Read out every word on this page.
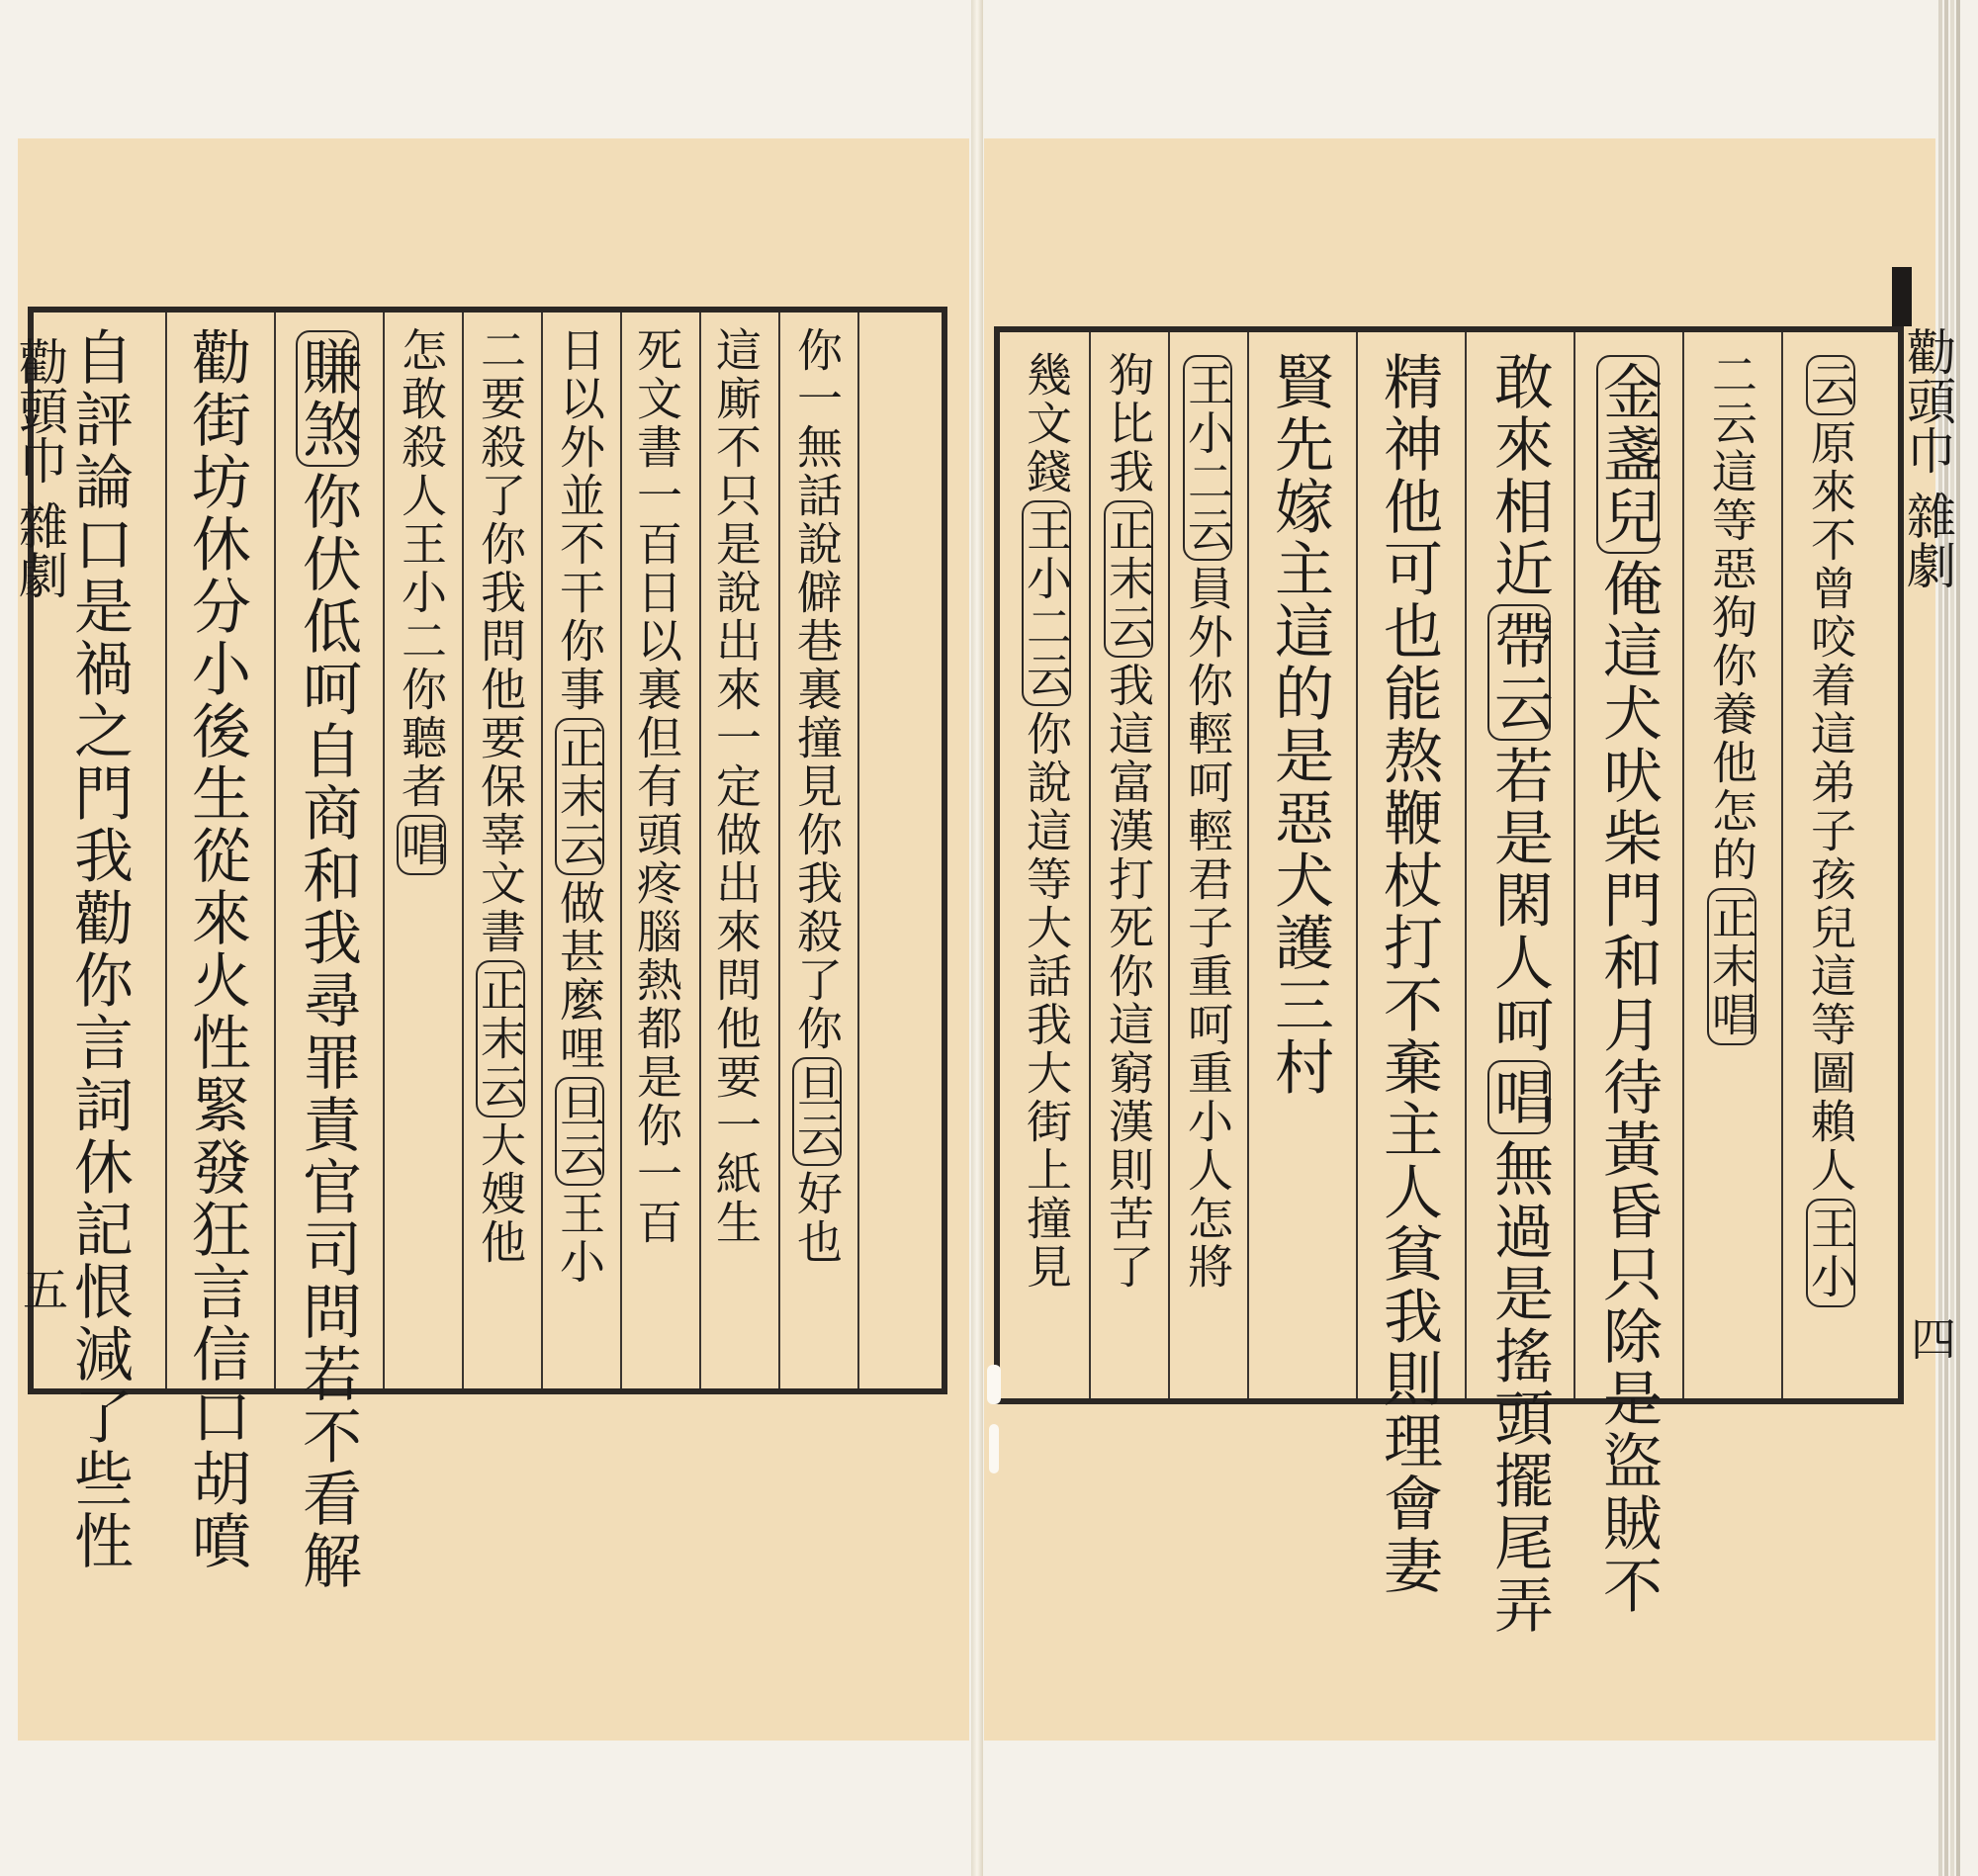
自評論口是禍之門我勸你言詞休記恨減了些性 勸街坊休分小後生從來火性緊發狂言信口胡噴 賺煞你伏低呵自商和我尋罪責官司問若不看解 怎敢殺人王小二你聽者唱 二要殺了你我問他要保辜文書正末云大嫂他
日以外並不干你事正末云做甚麼哩旦云王小 死文書一百日以裏但有頭疼腦熱都是你一百 這廝不只是說出來一定做出來問他要一紙生 你一無話說僻巷裏撞見你我殺了你旦云好也
勸頭巾 雜劇
五
幾文錢王小二云你說這等大話我大街上撞見
狗比我正末云我這富漢打死你這窮漢則苦了
王小二云員外你輕呵輕君子重呵重小人怎將 賢先嫁主這的是惡犬護三村 精神他可也能熬鞭杖打不棄主人貧我則理會妻 敢來相近帶云若是閑人呵唱無過是搖頭擺尾弄
金盞兒俺這犬吠柴門和月待黃昏只除是盜賊不 二云這等惡狗你養他怎的正末唱
云原來不曾咬着這弟子孩兒這等圖賴人王小
勸頭巾 雜劇
四
